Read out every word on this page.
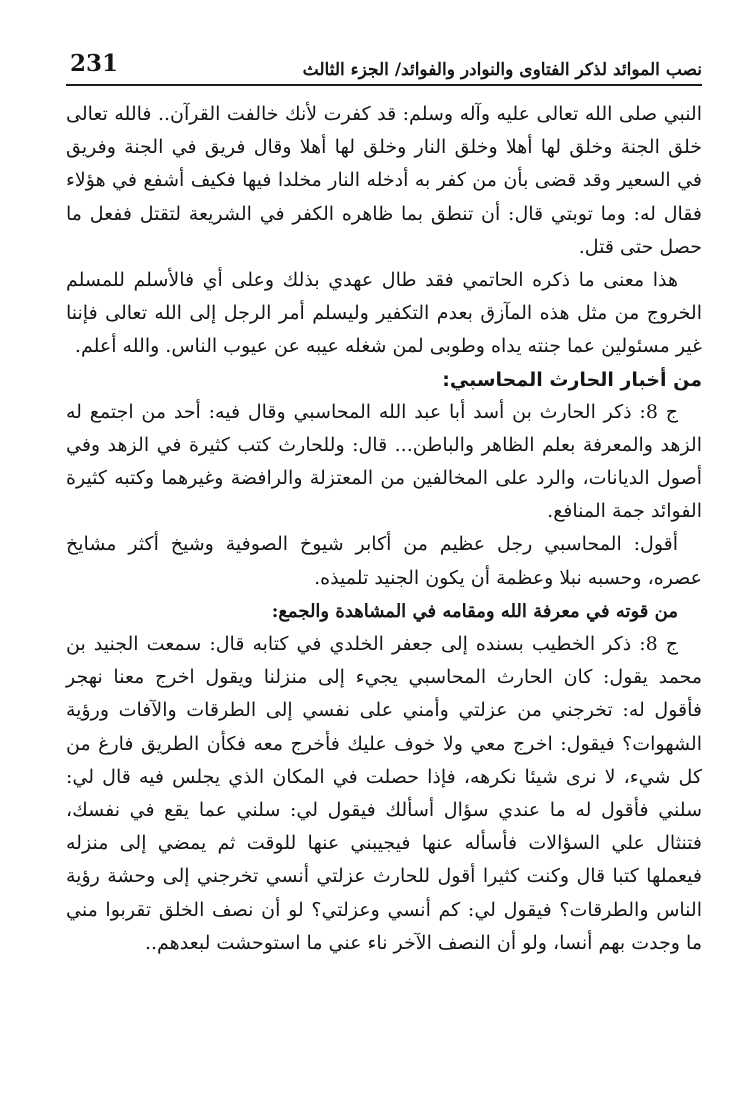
نصب الموائد لذكر الفتاوى والنوادر والفوائد/ الجزء الثالث
231

النبي صلى الله تعالى عليه وآله وسلم: قد كفرت لأنك خالفت القرآن.. فالله تعالى خلق الجنة وخلق لها أهلا وخلق النار وخلق لها أهلا وقال فريق في الجنة وفريق في السعير وقد قضى بأن من كفر به أدخله النار مخلدا فيها فكيف أشفع في هؤلاء فقال له: وما توبتي قال: أن تنطق بما ظاهره الكفر في الشريعة لتقتل ففعل ما حصل حتى قتل.

هذا معنى ما ذكره الحاتمي فقد طال عهدي بذلك وعلى أي فالأسلم للمسلم الخروج من مثل هذه المآزق بعدم التكفير وليسلم أمر الرجل إلى الله تعالى فإننا غير مسئولين عما جنته يداه وطوبى لمن شغله عيبه عن عيوب الناس. والله أعلم.

من أخبار الحارث المحاسبي:

ج 8: ذكر الحارث بن أسد أبا عبد الله المحاسبي وقال فيه: أحد من اجتمع له الزهد والمعرفة بعلم الظاهر والباطن... قال: وللحارث كتب كثيرة في الزهد وفي أصول الديانات، والرد على المخالفين من المعتزلة والرافضة وغيرهما وكتبه كثيرة الفوائد جمة المنافع.

أقول: المحاسبي رجل عظيم من أكابر شيوخ الصوفية وشيخ أكثر مشايخ عصره، وحسبه نبلا وعظمة أن يكون الجنيد تلميذه.

من قوته في معرفة الله ومقامه في المشاهدة والجمع:

ج 8: ذكر الخطيب بسنده إلى جعفر الخلدي في كتابه قال: سمعت الجنيد بن محمد يقول: كان الحارث المحاسبي يجيء إلى منزلنا ويقول اخرج معنا نهجر فأقول له: تخرجني من عزلتي وأمني على نفسي إلى الطرقات والآفات ورؤية الشهوات؟ فيقول: اخرج معي ولا خوف عليك فأخرج معه فكأن الطريق فارغ من كل شيء، لا نرى شيئا نكرهه، فإذا حصلت في المكان الذي يجلس فيه قال لي: سلني فأقول له ما عندي سؤال أسألك فيقول لي: سلني عما يقع في نفسك، فتنثال علي السؤالات فأسأله عنها فيجيبني عنها للوقت ثم يمضي إلى منزله فيعملها كتبا قال وكنت كثيرا أقول للحارث عزلتي أنسي تخرجني إلى وحشة رؤية الناس والطرقات؟ فيقول لي: كم أنسي وعزلتي؟ لو أن نصف الخلق تقربوا مني ما وجدت بهم أنسا، ولو أن النصف الآخر ناء عني ما استوحشت لبعدهم..
